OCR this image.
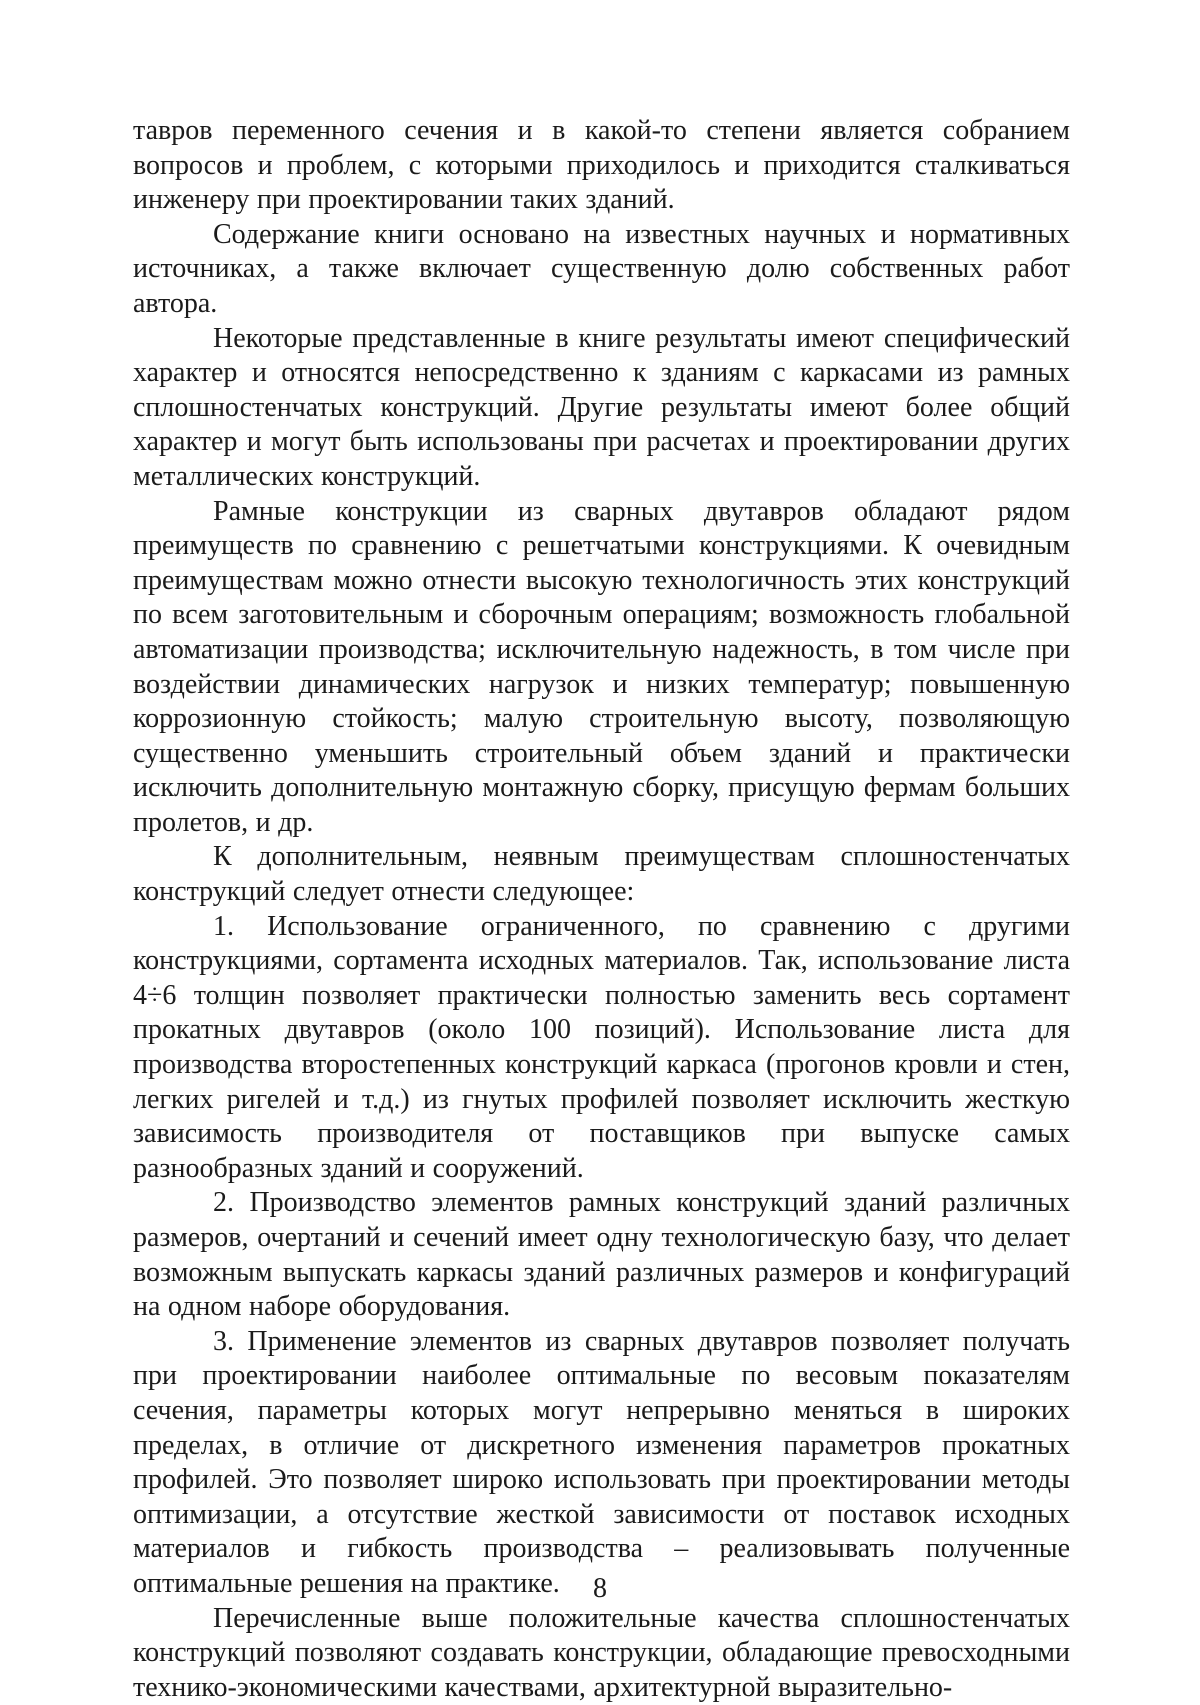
тавров переменного сечения и в какой-то степени является собранием вопросов и проблем, с которыми приходилось и приходится сталкиваться инженеру при проектировании таких зданий.

Содержание книги основано на известных научных и нормативных источниках, а также включает существенную долю собственных работ автора.

Некоторые представленные в книге результаты имеют специфический характер и относятся непосредственно к зданиям с каркасами из рамных сплошностенчатых конструкций. Другие результаты имеют более общий характер и могут быть использованы при расчетах и проектировании других металлических конструкций.

Рамные конструкции из сварных двутавров обладают рядом преимуществ по сравнению с решетчатыми конструкциями. К очевидным преимуществам можно отнести высокую технологичность этих конструкций по всем заготовительным и сборочным операциям; возможность глобальной автоматизации производства; исключительную надежность, в том числе при воздействии динамических нагрузок и низких температур; повышенную коррозионную стойкость; малую строительную высоту, позволяющую существенно уменьшить строительный объем зданий и практически исключить дополнительную монтажную сборку, присущую фермам больших пролетов, и др.

К дополнительным, неявным преимуществам сплошностенчатых конструкций следует отнести следующее:

1. Использование ограниченного, по сравнению с другими конструкциями, сортамента исходных материалов. Так, использование листа 4÷6 толщин позволяет практически полностью заменить весь сортамент прокатных двутавров (около 100 позиций). Использование листа для производства второстепенных конструкций каркаса (прогонов кровли и стен, легких ригелей и т.д.) из гнутых профилей позволяет исключить жесткую зависимость производителя от поставщиков при выпуске самых разнообразных зданий и сооружений.

2. Производство элементов рамных конструкций зданий различных размеров, очертаний и сечений имеет одну технологическую базу, что делает возможным выпускать каркасы зданий различных размеров и конфигураций на одном наборе оборудования.

3. Применение элементов из сварных двутавров позволяет получать при проектировании наиболее оптимальные по весовым показателям сечения, параметры которых могут непрерывно меняться в широких пределах, в отличие от дискретного изменения параметров прокатных профилей. Это позволяет широко использовать при проектировании методы оптимизации, а отсутствие жесткой зависимости от поставок исходных материалов и гибкость производства – реализовывать полученные оптимальные решения на практике.

Перечисленные выше положительные качества сплошностенчатых конструкций позволяют создавать конструкции, обладающие превосходными технико-экономическими качествами, архитектурной выразительно-

8
